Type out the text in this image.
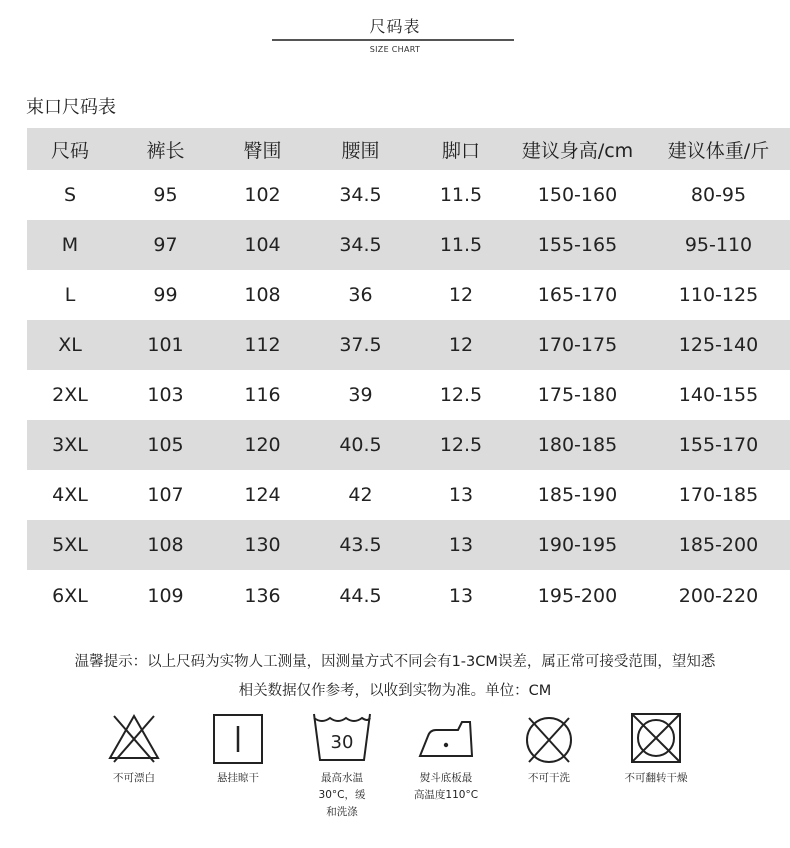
尺码表
SIZE CHART
束口尺码表
尺码	裤长	臀围	腰围	脚口	建议身高/cm	建议体重/斤
S	95	102	34.5	11.5	150-160	80-95
M	97	104	34.5	11.5	155-165	95-110
L	99	108	36	12	165-170	110-125
XL	101	112	37.5	12	170-175	125-140
2XL	103	116	39	12.5	175-180	140-155
3XL	105	120	40.5	12.5	180-185	155-170
4XL	107	124	42	13	185-190	170-185
5XL	108	130	43.5	13	190-195	185-200
6XL	109	136	44.5	13	195-200	200-220
温馨提示：以上尺码为实物人工测量，因测量方式不同会有1-3CM误差，属正常可接受范围，望知悉
相关数据仅作参考，以收到实物为准。单位：CM
不可漂白	悬挂晾干
30
最高水温
30°C，缓
和洗涤
熨斗底板最
高温度110°C
不可干洗	不可翻转干燥
